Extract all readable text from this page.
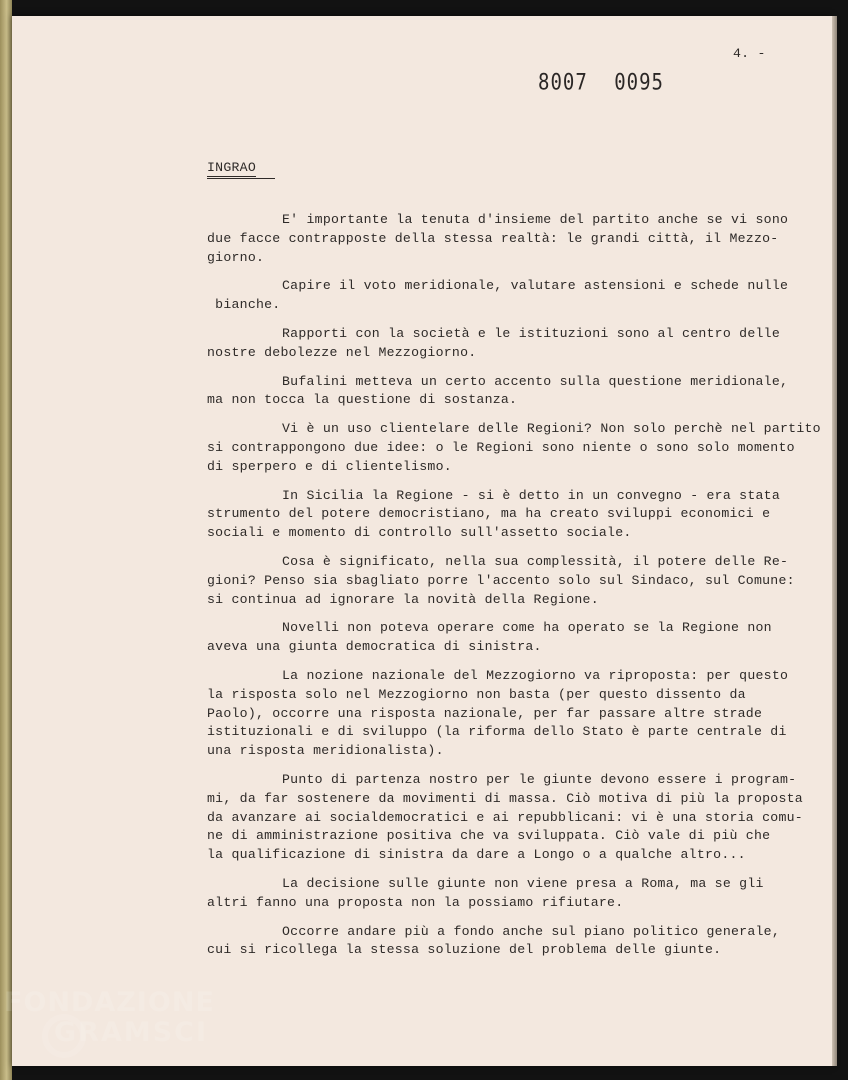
4. -
8007 0095
INGRAO
E' importante la tenuta d'insieme del partito anche se vi sono
due facce contrapposte della stessa realtà: le grandi città, il Mezzo-
giorno.
Capire il voto meridionale, valutare astensioni e schede nulle
bianche.
Rapporti con la società e le istituzioni sono al centro delle
nostre debolezze nel Mezzogiorno.
Bufalini metteva un certo accento sulla questione meridionale,
ma non tocca la questione di sostanza.
Vi è un uso clientelare delle Regioni? Non solo perchè nel partito
si contrappongono due idee: o le Regioni sono niente o sono solo momento
di sperpero e di clientelismo.
In Sicilia la Regione - si è detto in un convegno - era stata
strumento del potere democristiano, ma ha creato sviluppi economici e
sociali e momento di controllo sull'assetto sociale.
Cosa è significato, nella sua complessità, il potere delle Re-
gioni? Penso sia sbagliato porre l'accento solo sul Sindaco, sul Comune:
si continua ad ignorare la novità della Regione.
Novelli non poteva operare come ha operato se la Regione non
aveva una giunta democratica di sinistra.
La nozione nazionale del Mezzogiorno va riproposta: per questo
la risposta solo nel Mezzogiorno non basta (per questo dissento da
Paolo), occorre una risposta nazionale, per far passare altre strade
istituzionali e di sviluppo (la riforma dello Stato è parte centrale di
una risposta meridionalista).
Punto di partenza nostro per le giunte devono essere i program-
mi, da far sostenere da movimenti di massa. Ciò motiva di più la proposta
da avanzare ai socialdemocratici e ai repubblicani: vi è una storia comu-
ne di amministrazione positiva che va sviluppata. Ciò vale di più che
la qualificazione di sinistra da dare a Longo o a qualche altro...
La decisione sulle giunte non viene presa a Roma, ma se gli
altri fanno una proposta non la possiamo rifiutare.
Occorre andare più a fondo anche sul piano politico generale,
cui si ricollega la stessa soluzione del problema delle giunte.
FONDAZIONE
GRAMSCI
